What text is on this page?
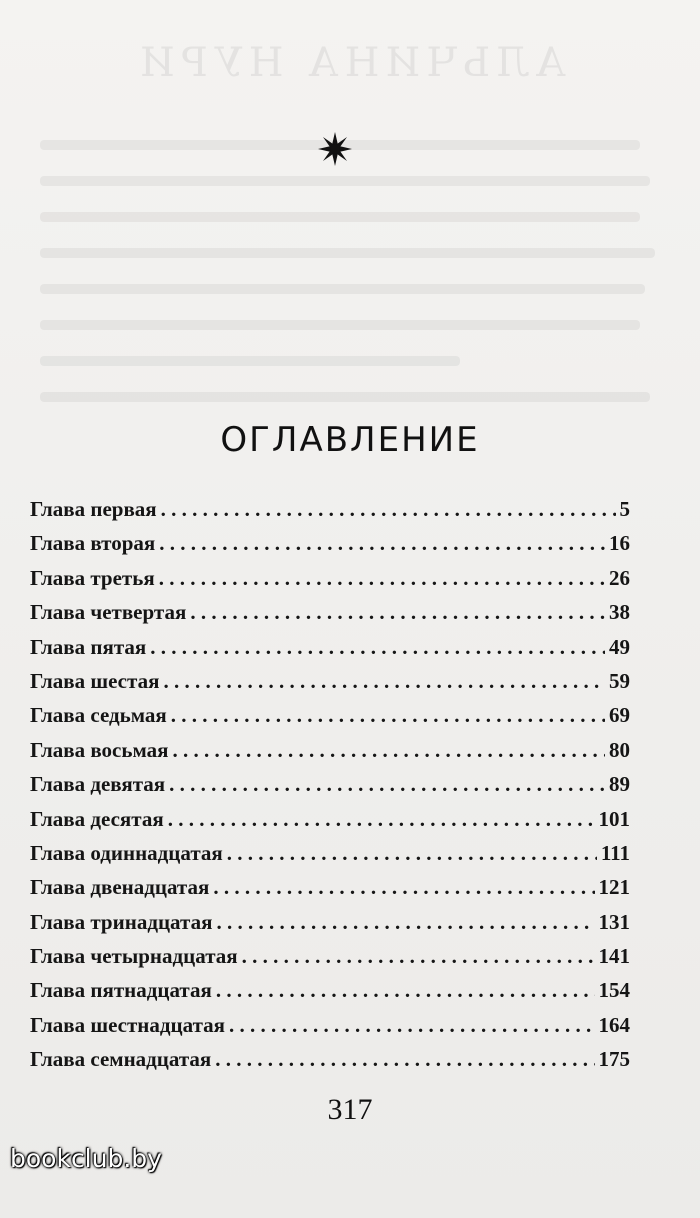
АЛЬЧИНА НУРИ
ОГЛАВЛЕНИЕ
Глава первая . . .	5
Глава вторая . . .	16
Глава третья . . .	26
Глава четвертая . . .	38
Глава пятая . . .	49
Глава шестая . . .	59
Глава седьмая . . .	69
Глава восьмая . . .	80
Глава девятая . . .	89
Глава десятая . . .	101
Глава одиннадцатая . . .	111
Глава двенадцатая . . .	121
Глава тринадцатая . . .	131
Глава четырнадцатая . . .	141
Глава пятнадцатая . . .	154
Глава шестнадцатая . . .	164
Глава семнадцатая . . .	175
317
bookclub.by
